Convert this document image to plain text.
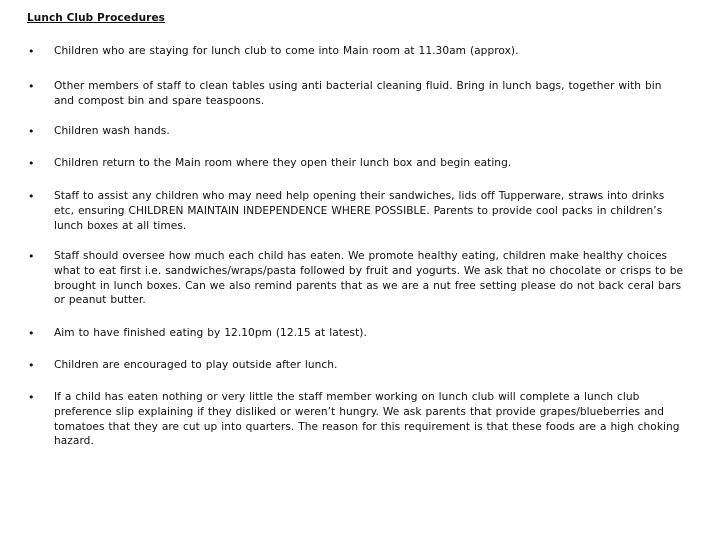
Lunch Club Procedures
• Children who are staying for lunch club to come into Main room at 11.30am (approx).
• Other members of staff to clean tables using anti bacterial cleaning fluid. Bring in lunch bags, together with bin and compost bin and spare teaspoons.
• Children wash hands.
• Children return to the Main room where they open their lunch box and begin eating.
• Staff to assist any children who may need help opening their sandwiches, lids off Tupperware, straws into drinks etc, ensuring CHILDREN MAINTAIN INDEPENDENCE WHERE POSSIBLE. Parents to provide cool packs in children’s lunch boxes at all times.
• Staff should oversee how much each child has eaten. We promote healthy eating, children make healthy choices what to eat first i.e. sandwiches/wraps/pasta followed by fruit and yogurts. We ask that no chocolate or crisps to be brought in lunch boxes. Can we also remind parents that as we are a nut free setting please do not back ceral bars or peanut butter.
• Aim to have finished eating by 12.10pm (12.15 at latest).
• Children are encouraged to play outside after lunch.
• If a child has eaten nothing or very little the staff member working on lunch club will complete a lunch club preference slip explaining if they disliked or weren’t hungry. We ask parents that provide grapes/blueberries and tomatoes that they are cut up into quarters. The reason for this requirement is that these foods are a high choking hazard.
